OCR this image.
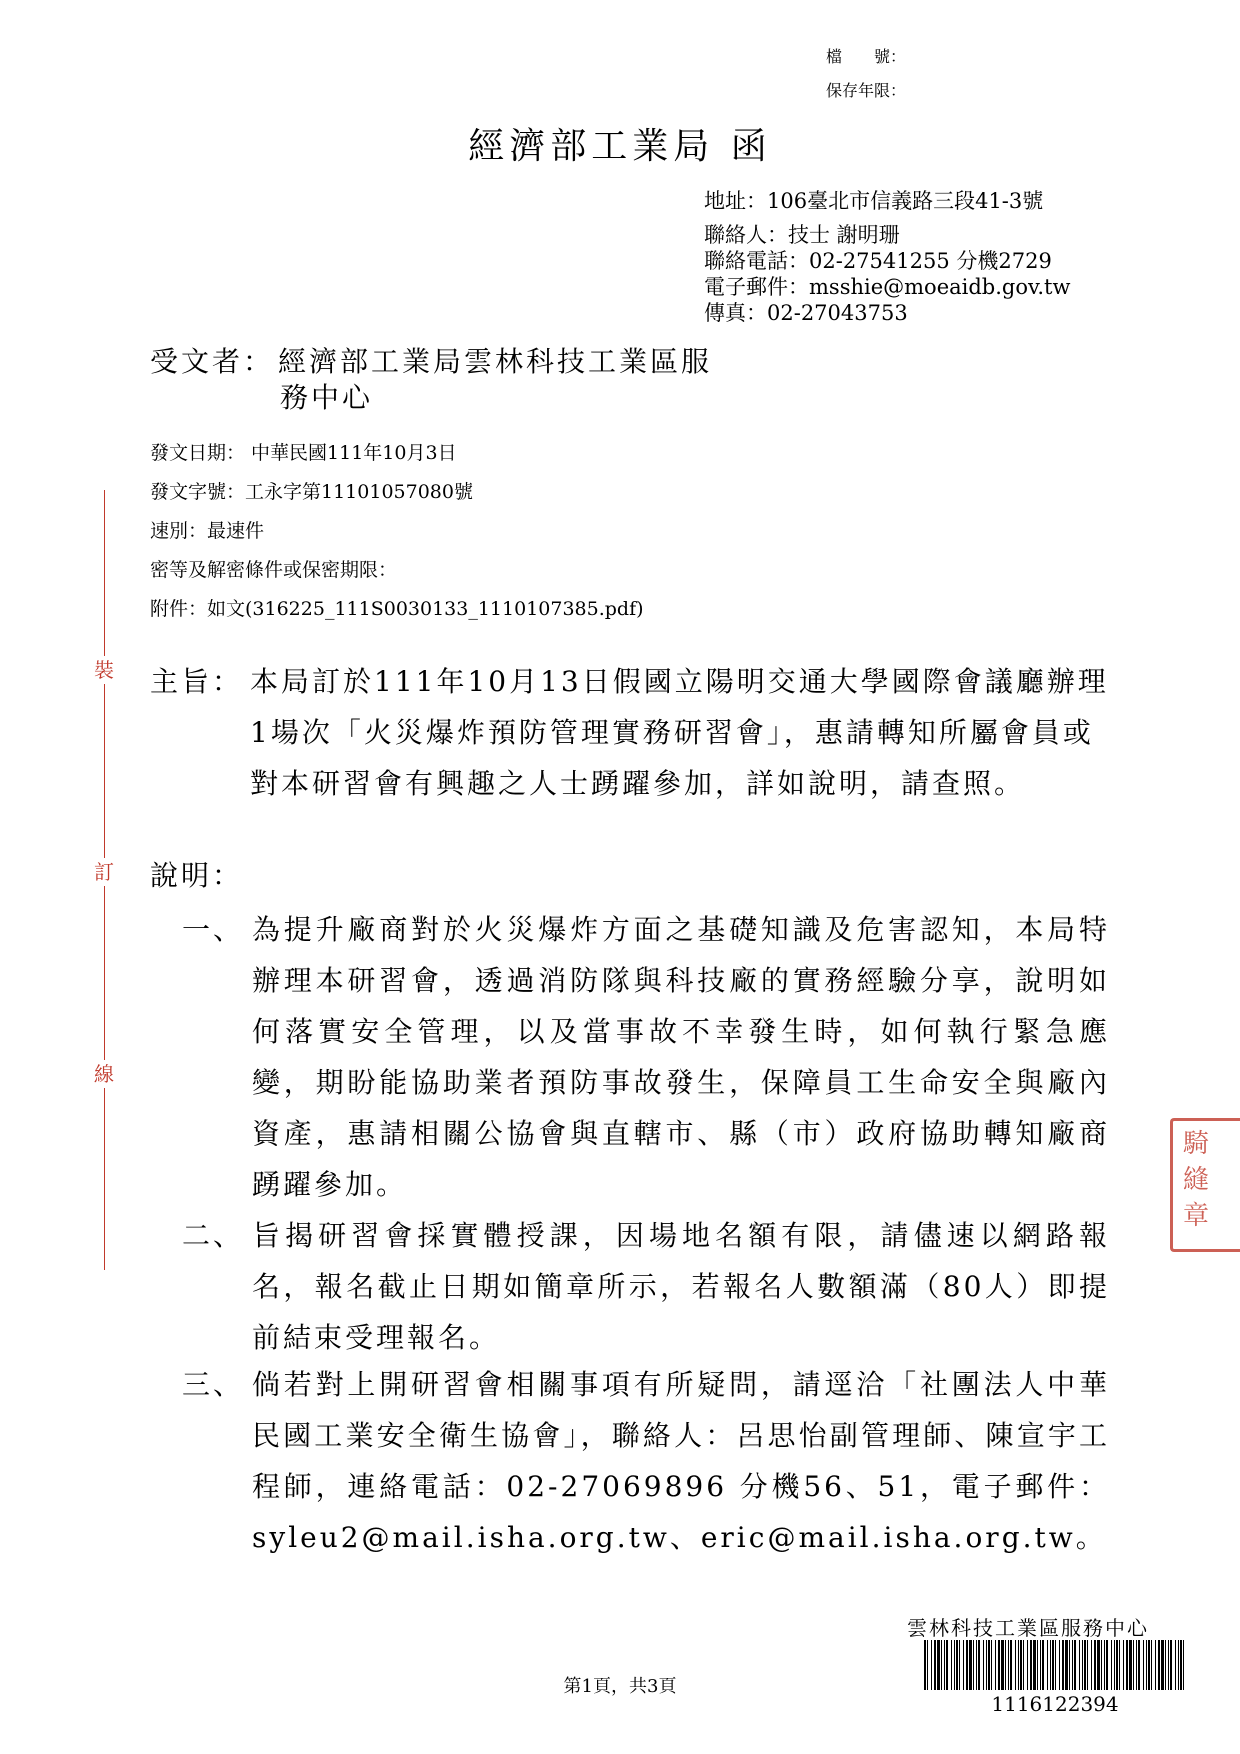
檔　　號：
保存年限：
經濟部工業局 函
地址：106臺北市信義路三段41-3號
聯絡人：技士 謝明珊
聯絡電話：02-27541255 分機2729
電子郵件：msshie@moeaidb.gov.tw
傳真：02-27043753
受文者： 經濟部工業局雲林科技工業區服
務中心
發文日期： 中華民國111年10月3日
發文字號：工永字第11101057080號
速別：最速件
密等及解密條件或保密期限：
附件：如文(316225_111S0030133_1110107385.pdf)
裝
訂
線
主旨： 本局訂於111年10月13日假國立陽明交通大學國際會議廳辦理1場次「火災爆炸預防管理實務研習會」，惠請轉知所屬會員或對本研習會有興趣之人士踴躍參加，詳如說明，請查照。
說明：
一、 為提升廠商對於火災爆炸方面之基礎知識及危害認知，本局特辦理本研習會，透過消防隊與科技廠的實務經驗分享，說明如何落實安全管理，以及當事故不幸發生時，如何執行緊急應變，期盼能協助業者預防事故發生，保障員工生命安全與廠內資產，惠請相關公協會與直轄市、縣（市）政府協助轉知廠商踴躍參加。
二、 旨揭研習會採實體授課，因場地名額有限，請儘速以網路報名，報名截止日期如簡章所示，若報名人數額滿（80人）即提前結束受理報名。
三、 倘若對上開研習會相關事項有所疑問，請逕洽「社團法人中華民國工業安全衛生協會」，聯絡人：呂思怡副管理師、陳宣宇工程師，連絡電話：02-27069896 分機56、51，電子郵件：syleu2@mail.isha.org.tw、eric@mail.isha.org.tw。
雲林科技工業區服務中心
1116122394
第1頁，共3頁
騎
縫
章
